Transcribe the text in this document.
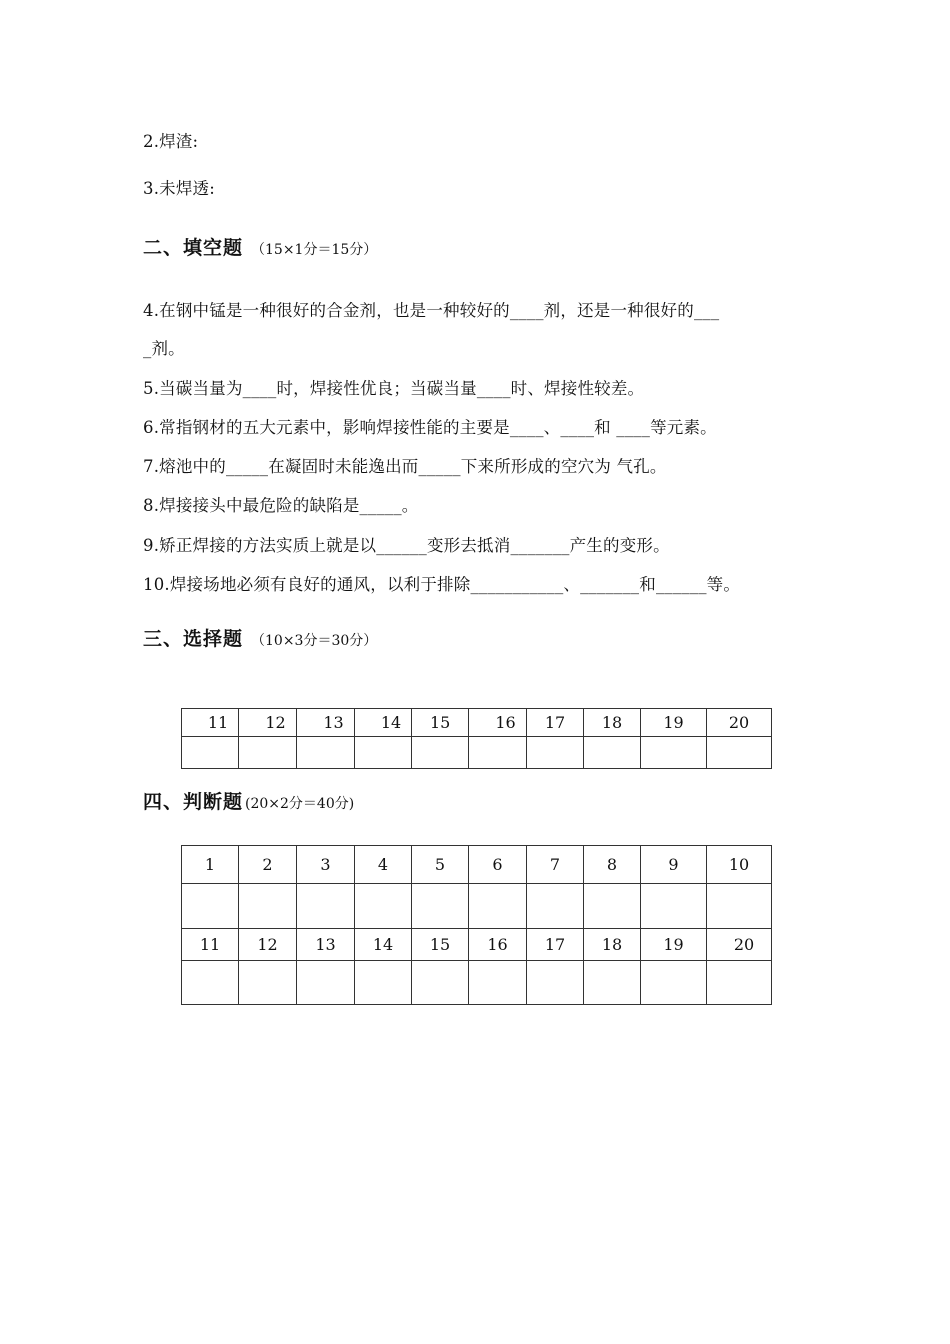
2.焊渣:
3.未焊透:
二、填空题 （15×1分＝15分）
4.在钢中锰是一种很好的合金剂，也是一种较好的____剂，还是一种很好的___
_剂。
5.当碳当量为____时，焊接性优良；当碳当量____时、焊接性较差。
6.常指钢材的五大元素中，影响焊接性能的主要是____、____和 ____等元素。
7.熔池中的_____在凝固时未能逸出而_____下来所形成的空穴为 气孔。
8.焊接接头中最危险的缺陷是_____。
9.矫正焊接的方法实质上就是以______变形去抵消_______产生的变形。
10.焊接场地必须有良好的通风，以利于排除___________、_______和______等。
三、选择题 （10×3分＝30分）
11	12	13	14	15	16	17	18	19	20

四、判断题 (20×2分＝40分)
1	2	3	4	5	6	7	8	9	10

11	12	13	14	15	16	17	18	19	20
